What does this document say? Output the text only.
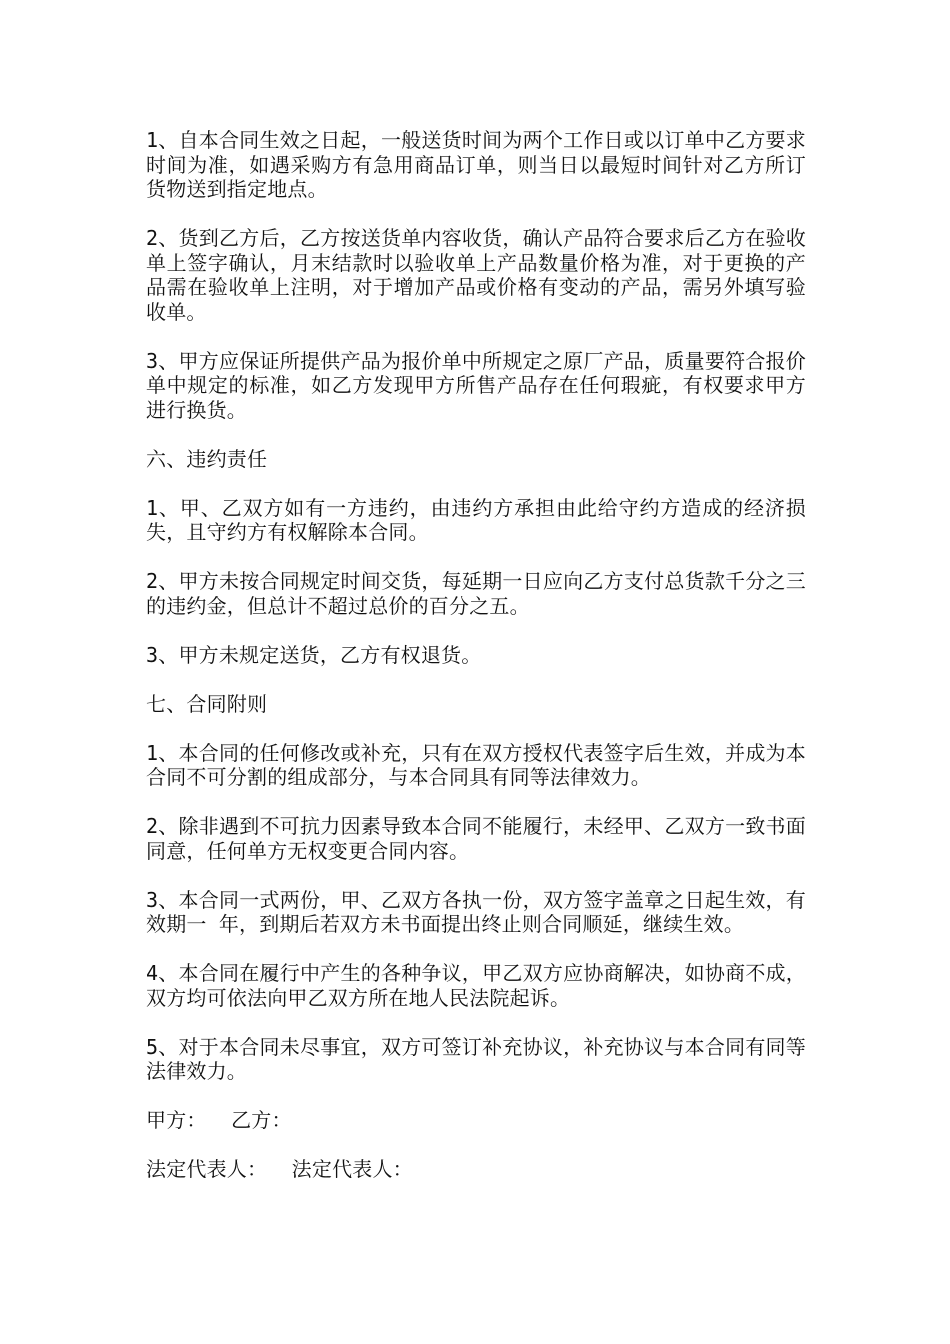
1、自本合同生效之日起，一般送货时间为两个工作日或以订单中乙方要求时间为准，如遇采购方有急用商品订单，则当日以最短时间针对乙方所订货物送到指定地点。

2、货到乙方后，乙方按送货单内容收货，确认产品符合要求后乙方在验收单上签字确认，月末结款时以验收单上产品数量价格为准，对于更换的产品需在验收单上注明，对于增加产品或价格有变动的产品，需另外填写验收单。

3、甲方应保证所提供产品为报价单中所规定之原厂产品，质量要符合报价单中规定的标准，如乙方发现甲方所售产品存在任何瑕疵，有权要求甲方进行换货。

六、违约责任

1、甲、乙双方如有一方违约，由违约方承担由此给守约方造成的经济损失，且守约方有权解除本合同。

2、甲方未按合同规定时间交货，每延期一日应向乙方支付总货款千分之三的违约金，但总计不超过总价的百分之五。

3、甲方未规定送货，乙方有权退货。

七、合同附则

1、本合同的任何修改或补充，只有在双方授权代表签字后生效，并成为本合同不可分割的组成部分，与本合同具有同等法律效力。

2、除非遇到不可抗力因素导致本合同不能履行，未经甲、乙双方一致书面同意，任何单方无权变更合同内容。

3、本合同一式两份，甲、乙双方各执一份，双方签字盖章之日起生效，有效期一 年，到期后若双方未书面提出终止则合同顺延，继续生效。

4、本合同在履行中产生的各种争议，甲乙双方应协商解决，如协商不成，双方均可依法向甲乙双方所在地人民法院起诉。

5、对于本合同未尽事宜，双方可签订补充协议，补充协议与本合同有同等法律效力。

甲方：  乙方：

法定代表人：  法定代表人：
